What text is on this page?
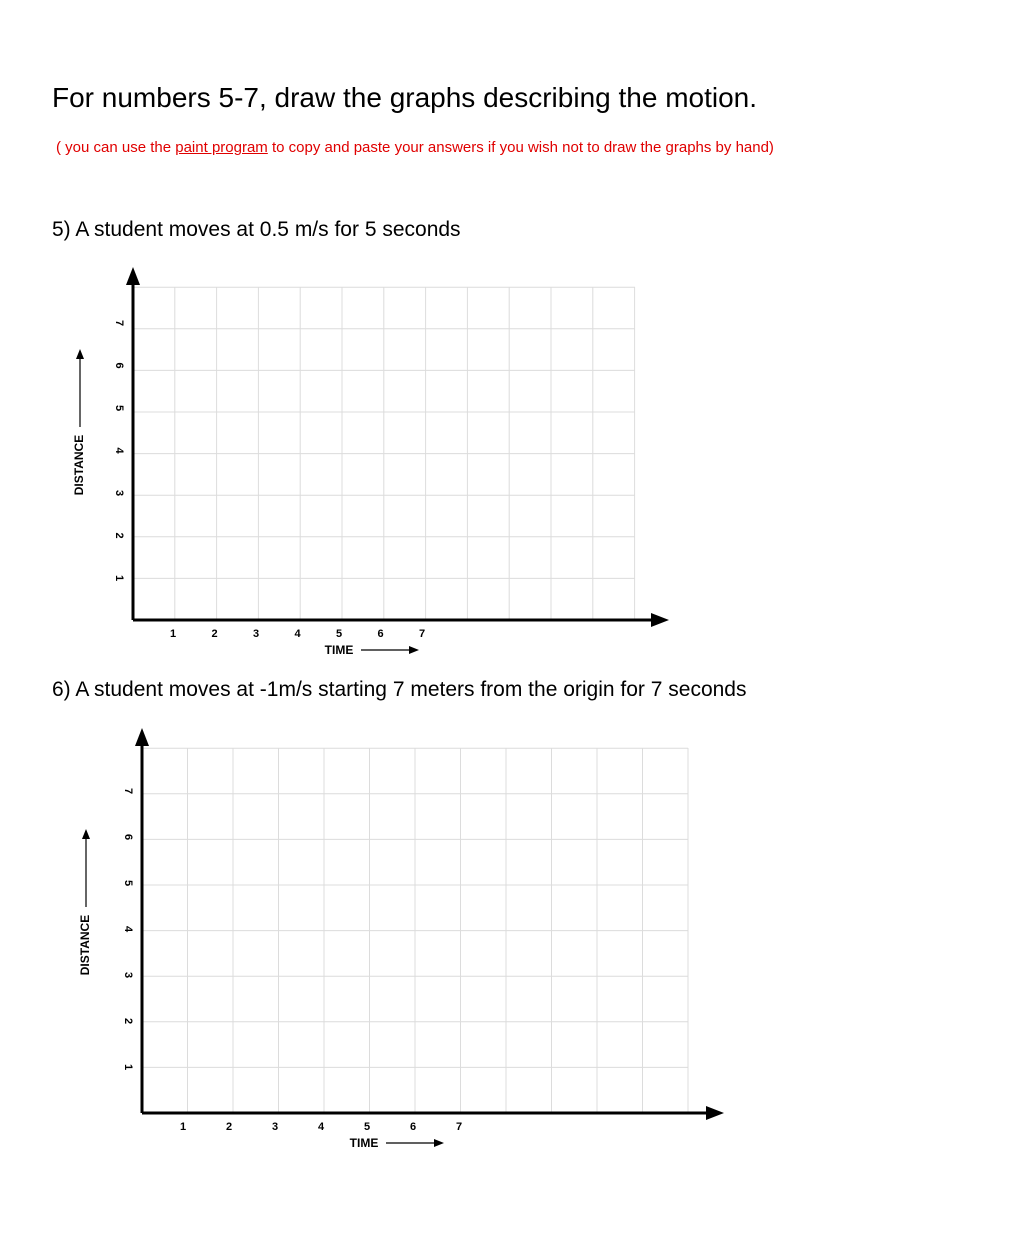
For numbers 5-7, draw the graphs describing the motion.
( you can use the paint program to copy and paste your answers if you wish not to draw the graphs by hand)
5) A student moves at 0.5 m/s for 5 seconds
1
2
3
4
5
6
7
1	2	3	4	5	6	7
DISTANCE
TIME
6) A student moves at -1m/s starting 7 meters from the origin for 7 seconds
1
2
3
4
5
6
7
1	2	3	4	5	6	7
DISTANCE
TIME
